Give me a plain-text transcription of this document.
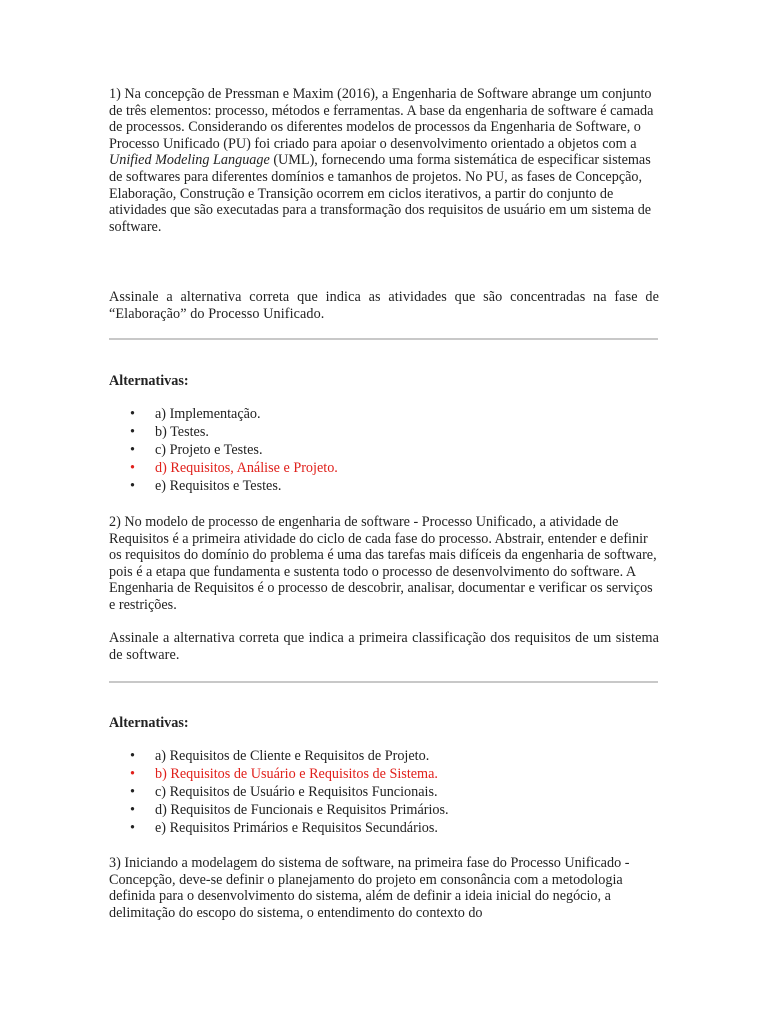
1) Na concepção de Pressman e Maxim (2016), a Engenharia de Software abrange um conjunto de três elementos: processo, métodos e ferramentas. A base da engenharia de software é camada de processos. Considerando os diferentes modelos de processos da Engenharia de Software, o Processo Unificado (PU) foi criado para apoiar o desenvolvimento orientado a objetos com a Unified Modeling Language (UML), fornecendo uma forma sistemática de especificar sistemas de softwares para diferentes domínios e tamanhos de projetos. No PU, as fases de Concepção, Elaboração, Construção e Transição ocorrem em ciclos iterativos, a partir do conjunto de atividades que são executadas para a transformação dos requisitos de usuário em um sistema de software.

Assinale a alternativa correta que indica as atividades que são concentradas na fase de “Elaboração” do Processo Unificado.

Alternativas:
• a) Implementação.
• b) Testes.
• c) Projeto e Testes.
• d) Requisitos, Análise e Projeto.
• e) Requisitos e Testes.

2) No modelo de processo de engenharia de software - Processo Unificado, a atividade de Requisitos é a primeira atividade do ciclo de cada fase do processo. Abstrair, entender e definir os requisitos do domínio do problema é uma das tarefas mais difíceis da engenharia de software, pois é a etapa que fundamenta e sustenta todo o processo de desenvolvimento do software. A Engenharia de Requisitos é o processo de descobrir, analisar, documentar e verificar os serviços e restrições.

Assinale a alternativa correta que indica a primeira classificação dos requisitos de um sistema de software.

Alternativas:
• a) Requisitos de Cliente e Requisitos de Projeto.
• b) Requisitos de Usuário e Requisitos de Sistema.
• c) Requisitos de Usuário e Requisitos Funcionais.
• d) Requisitos de Funcionais e Requisitos Primários.
• e) Requisitos Primários e Requisitos Secundários.

3) Iniciando a modelagem do sistema de software, na primeira fase do Processo Unificado - Concepção, deve-se definir o planejamento do projeto em consonância com a metodologia definida para o desenvolvimento do sistema, além de definir a ideia inicial do negócio, a delimitação do escopo do sistema, o entendimento do contexto do
